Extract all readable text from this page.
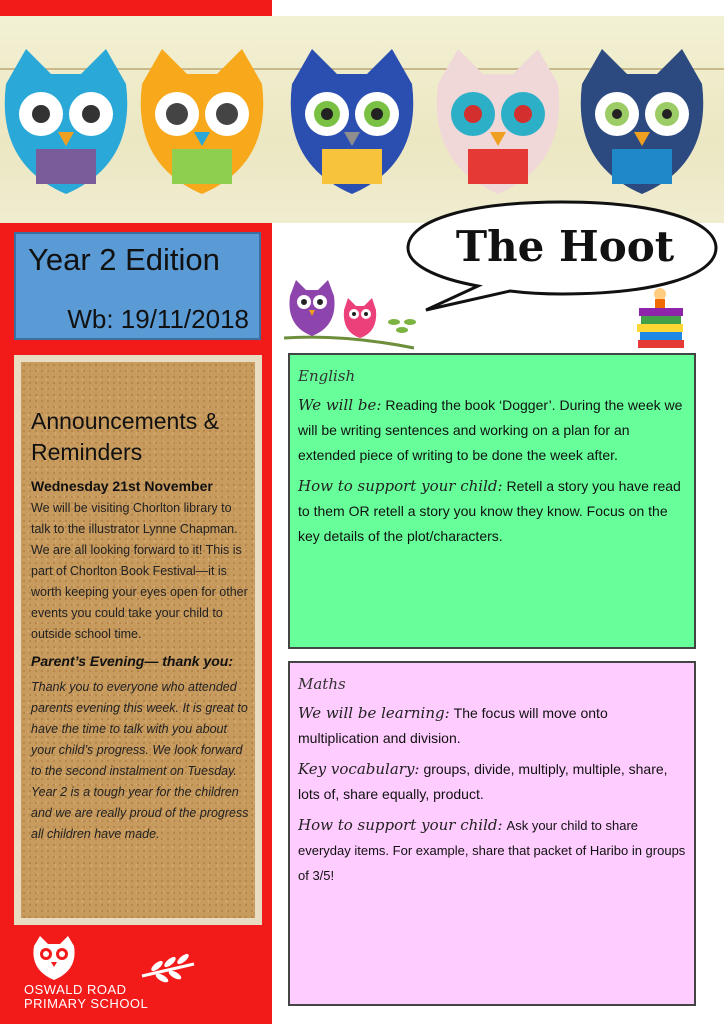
Year 2 Edition
Wb: 19/11/2018
The Hoot
Announcements & Reminders
Wednesday 21st November
We will be visiting Chorlton library to talk to the illustrator Lynne Chapman. We are all looking forward to it! This is part of Chorlton Book Festival—it is worth keeping your eyes open for other events you could take your child to outside school time.
Parent’s Evening— thank you:
Thank you to everyone who attended parents evening this week. It is great to have the time to talk with you about your child’s progress. We look forward to the second instalment on Tuesday. Year 2 is a tough year for the children and we are really proud of the progress all children have made.
OSWALD ROAD
PRIMARY SCHOOL
English

We will be: Reading the book ‘Dogger’. During the week we will be writing sentences and working on a plan for an extended piece of writing to be done the week after.

How to support your child: Retell a story you have read to them OR retell a story you know they know. Focus on the key details of the plot/characters.

Maths

We will be learning: The focus will move onto multiplication and division.

Key vocabulary: groups, divide, multiply, multiple, share, lots of, share equally, product.

How to support your child: Ask your child to share everyday items. For example, share that packet of Haribo in groups of 3/5!
